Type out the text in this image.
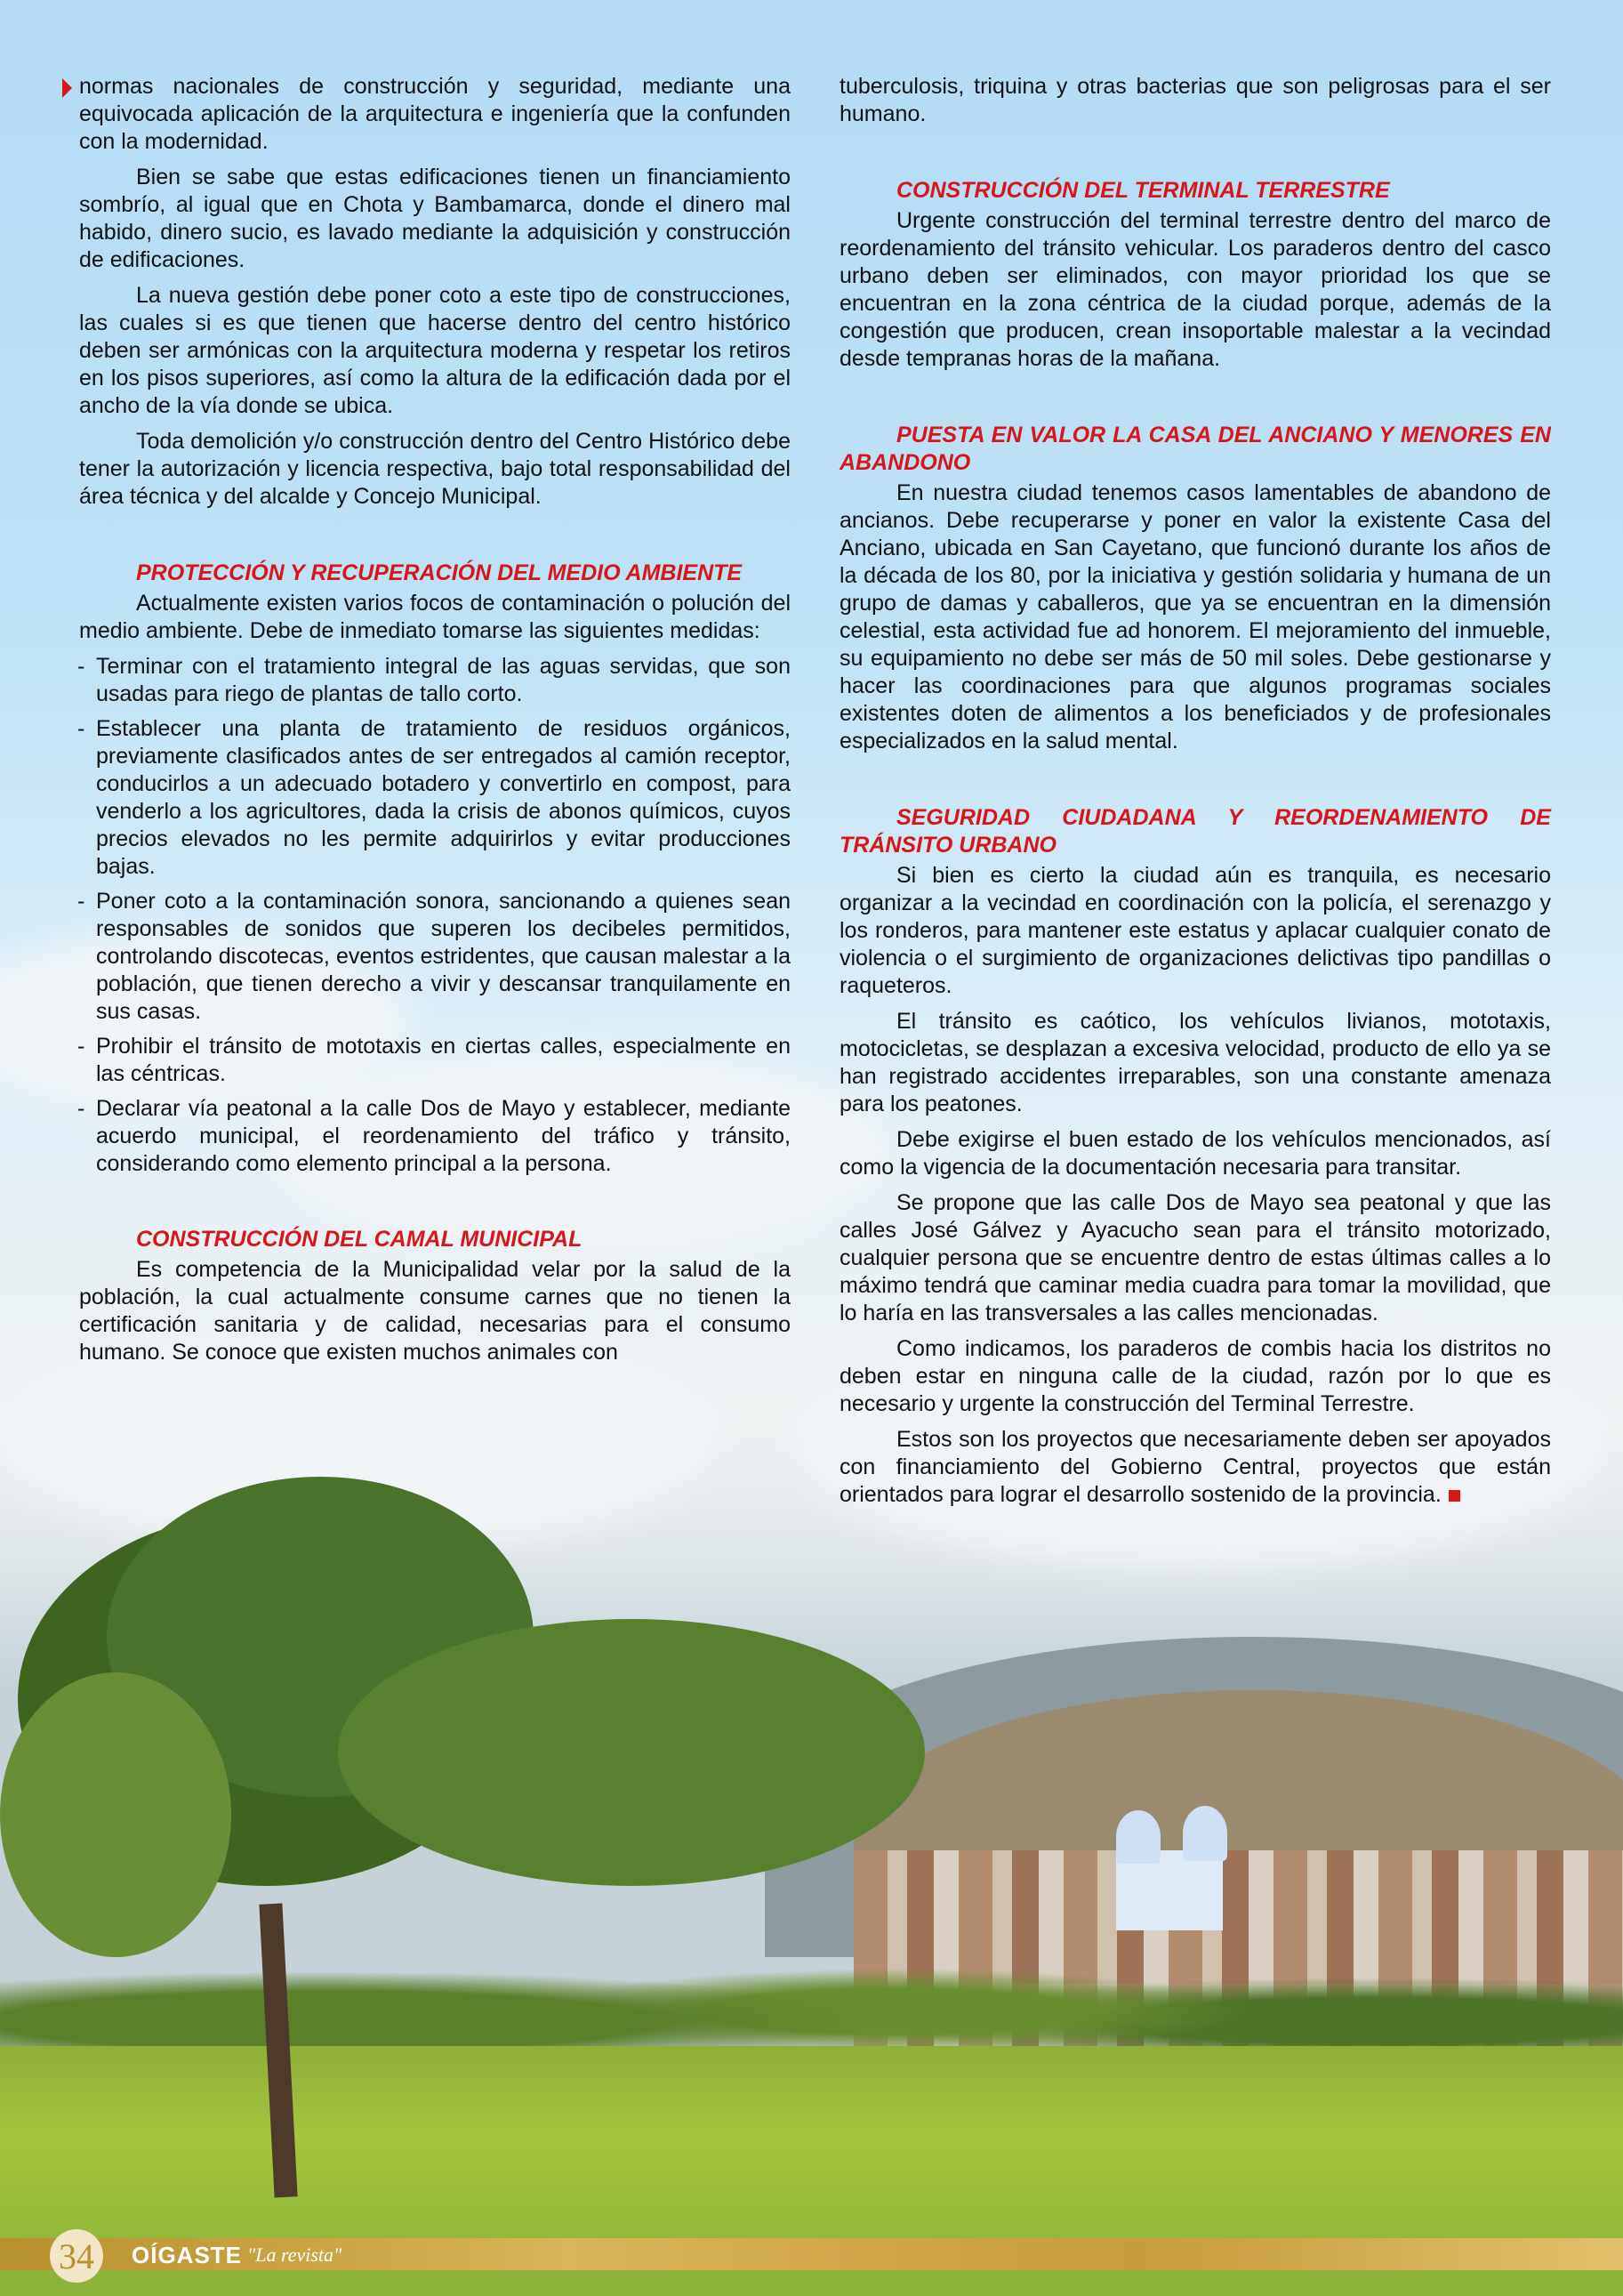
normas nacionales de construcción y seguridad, mediante una equivocada aplicación de la arquitectura e ingeniería que la confunden con la modernidad.

Bien se sabe que estas edificaciones tienen un financiamiento sombrío, al igual que en Chota y Bambamarca, donde el dinero mal habido, dinero sucio, es lavado mediante la adquisición y construcción de edificaciones.

La nueva gestión debe poner coto a este tipo de construcciones, las cuales si es que tienen que hacerse dentro del centro histórico deben ser armónicas con la arquitectura moderna y respetar los retiros en los pisos superiores, así como la altura de la edificación dada por el ancho de la vía donde se ubica.

Toda demolición y/o construcción dentro del Centro Histórico debe tener la autorización y licencia respectiva, bajo total responsabilidad del área técnica y del alcalde y Concejo Municipal.

PROTECCIÓN Y RECUPERACIÓN DEL MEDIO AMBIENTE

Actualmente existen varios focos de contaminación o polución del medio ambiente. Debe de inmediato tomarse las siguientes medidas:

- Terminar con el tratamiento integral de las aguas servidas, que son usadas para riego de plantas de tallo corto.
- Establecer una planta de tratamiento de residuos orgánicos, previamente clasificados antes de ser entregados al camión receptor, conducirlos a un adecuado botadero y convertirlo en compost, para venderlo a los agricultores, dada la crisis de abonos químicos, cuyos precios elevados no les permite adquirirlos y evitar producciones bajas.
- Poner coto a la contaminación sonora, sancionando a quienes sean responsables de sonidos que superen los decibeles permitidos, controlando discotecas, eventos estridentes, que causan malestar a la población, que tienen derecho a vivir y descansar tranquilamente en sus casas.
- Prohibir el tránsito de mototaxis en ciertas calles, especialmente en las céntricas.
- Declarar vía peatonal a la calle Dos de Mayo y establecer, mediante acuerdo municipal, el reordenamiento del tráfico y tránsito, considerando como elemento principal a la persona.
CONSTRUCCIÓN DEL CAMAL MUNICIPAL

Es competencia de la Municipalidad velar por la salud de la población, la cual actualmente consume carnes que no tienen la certificación sanitaria y de calidad, necesarias para el consumo humano. Se conoce que existen muchos animales con

tuberculosis, triquina y otras bacterias que son peligrosas para el ser humano.

CONSTRUCCIÓN DEL TERMINAL TERRESTRE

Urgente construcción del terminal terrestre dentro del marco de reordenamiento del tránsito vehicular. Los paraderos dentro del casco urbano deben ser eliminados, con mayor prioridad los que se encuentran en la zona céntrica de la ciudad porque, además de la congestión que producen, crean insoportable malestar a la vecindad desde tempranas horas de la mañana.

PUESTA EN VALOR LA CASA DEL ANCIANO Y MENORES EN ABANDONO

En nuestra ciudad tenemos casos lamentables de abandono de ancianos. Debe recuperarse y poner en valor la existente Casa del Anciano, ubicada en San Cayetano, que funcionó durante los años de la década de los 80, por la iniciativa y gestión solidaria y humana de un grupo de damas y caballeros, que ya se encuentran en la dimensión celestial, esta actividad fue ad honorem. El mejoramiento del inmueble, su equipamiento no debe ser más de 50 mil soles. Debe gestionarse y hacer las coordinaciones para que algunos programas sociales existentes doten de alimentos a los beneficiados y de profesionales especializados en la salud mental.

SEGURIDAD CIUDADANA Y REORDENAMIENTO DE TRÁNSITO URBANO

Si bien es cierto la ciudad aún es tranquila, es necesario organizar a la vecindad en coordinación con la policía, el serenazgo y los ronderos, para mantener este estatus y aplacar cualquier conato de violencia o el surgimiento de organizaciones delictivas tipo pandillas o raqueteros.

El tránsito es caótico, los vehículos livianos, mototaxis, motocicletas, se desplazan a excesiva velocidad, producto de ello ya se han registrado accidentes irreparables, son una constante amenaza para los peatones.

Debe exigirse el buen estado de los vehículos mencionados, así como la vigencia de la documentación necesaria para transitar.

Se propone que las calle Dos de Mayo sea peatonal y que las calles José Gálvez y Ayacucho sean para el tránsito motorizado, cualquier persona que se encuentre dentro de estas últimas calles a lo máximo tendrá que caminar media cuadra para tomar la movilidad, que lo haría en las transversales a las calles mencionadas.

Como indicamos, los paraderos de combis hacia los distritos no deben estar en ninguna calle de la ciudad, razón por lo que es necesario y urgente la construcción del Terminal Terrestre.

Estos son los proyectos que necesariamente deben ser apoyados con financiamiento del Gobierno Central, proyectos que están orientados para lograr el desarrollo sostenido de la provincia.

34 OÍGASTE "La revista"
